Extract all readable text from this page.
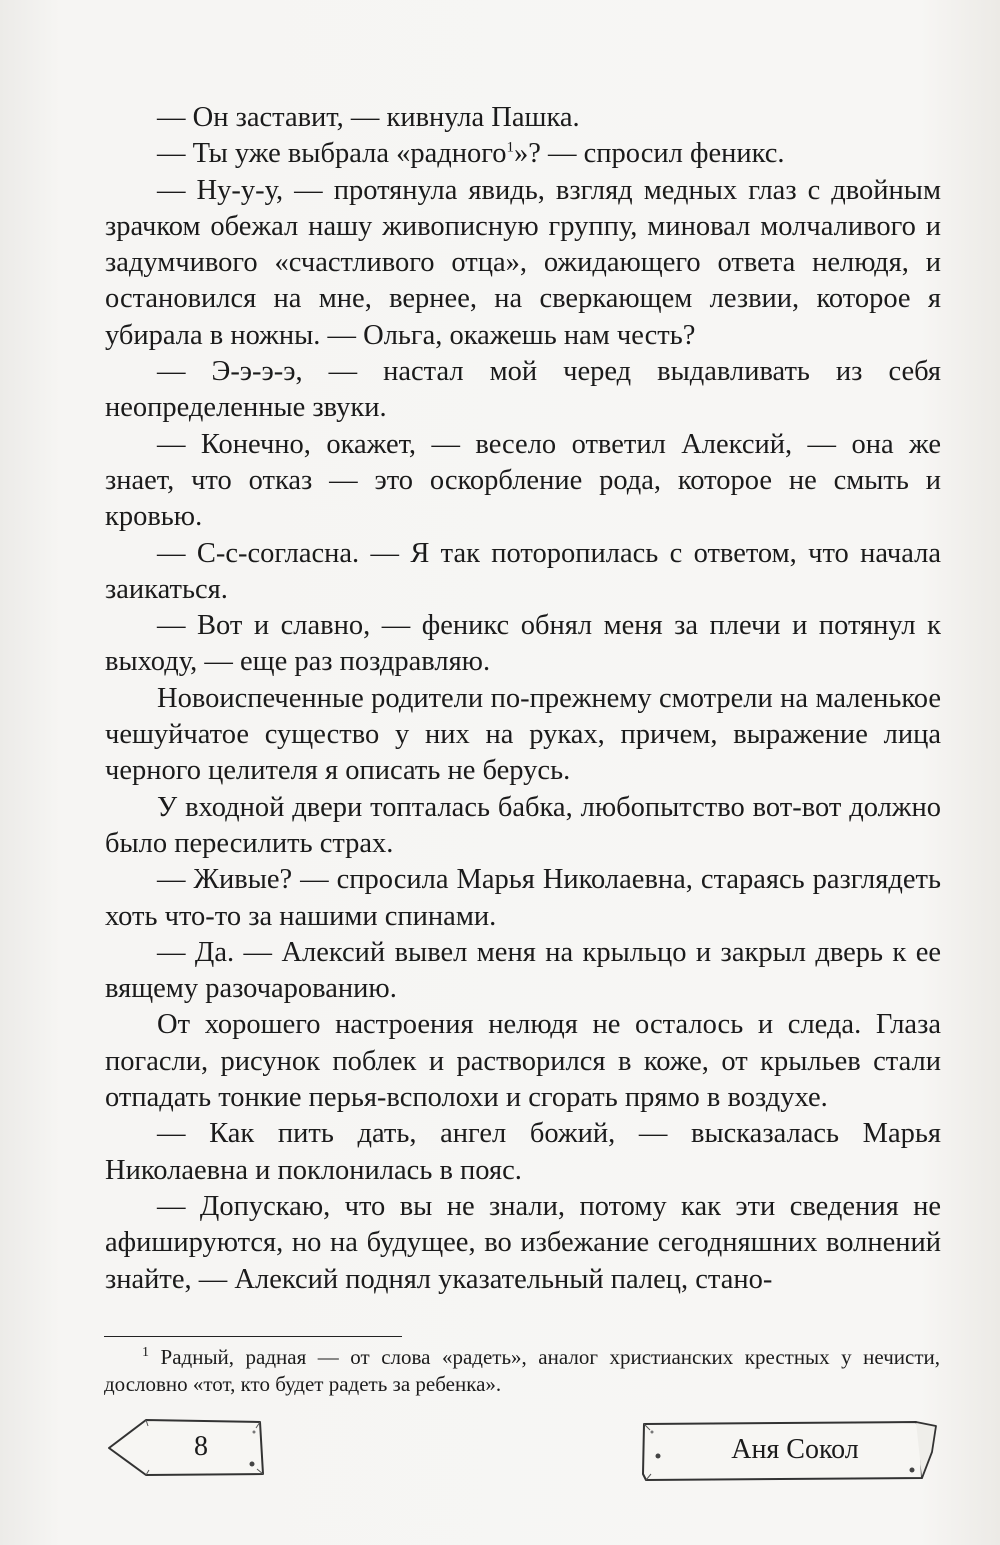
— Он заставит, — кивнула Пашка.

— Ты уже выбрала «радного$^1$»? — спросил феникс.

— Ну-у-у, — протянула явидь, взгляд медных глаз с двойным зрачком обежал нашу живописную группу, миновал молчаливого и задумчивого «счастливого отца», ожидающего ответа нелюдя, и остановился на мне, вернее, на сверкающем лезвии, которое я убирала в ножны. — Ольга, окажешь нам честь?

— Э-э-э-э, — настал мой черед выдавливать из себя неопределенные звуки.

— Конечно, окажет, — весело ответил Алексий, — она же знает, что отказ — это оскорбление рода, которое не смыть и кровью.

— С-с-согласна. — Я так поторопилась с ответом, что начала заикаться.

— Вот и славно, — феникс обнял меня за плечи и потянул к выходу, — еще раз поздравляю.

Новоиспеченные родители по-прежнему смотрели на маленькое чешуйчатое существо у них на руках, причем, выражение лица черного целителя я описать не берусь.

У входной двери топталась бабка, любопытство вот-вот должно было пересилить страх.

— Живые? — спросила Марья Николаевна, стараясь разглядеть хоть что-то за нашими спинами.

— Да. — Алексий вывел меня на крыльцо и закрыл дверь к ее вящему разочарованию.

От хорошего настроения нелюдя не осталось и следа. Глаза погасли, рисунок поблек и растворился в коже, от крыльев стали отпадать тонкие перья-всполохи и сгорать прямо в воздухе.

— Как пить дать, ангел божий, — высказалась Марья Николаевна и поклонилась в пояс.

— Допускаю, что вы не знали, потому как эти сведения не афишируются, но на будущее, во избежание сегодняшних волнений знайте, — Алексий поднял указательный палец, стано-

$^1$ Радный, радная — от слова «радеть», аналог христианских крестных у нечисти, дословно «тот, кто будет радеть за ребенка».
8	Аня Сокол
